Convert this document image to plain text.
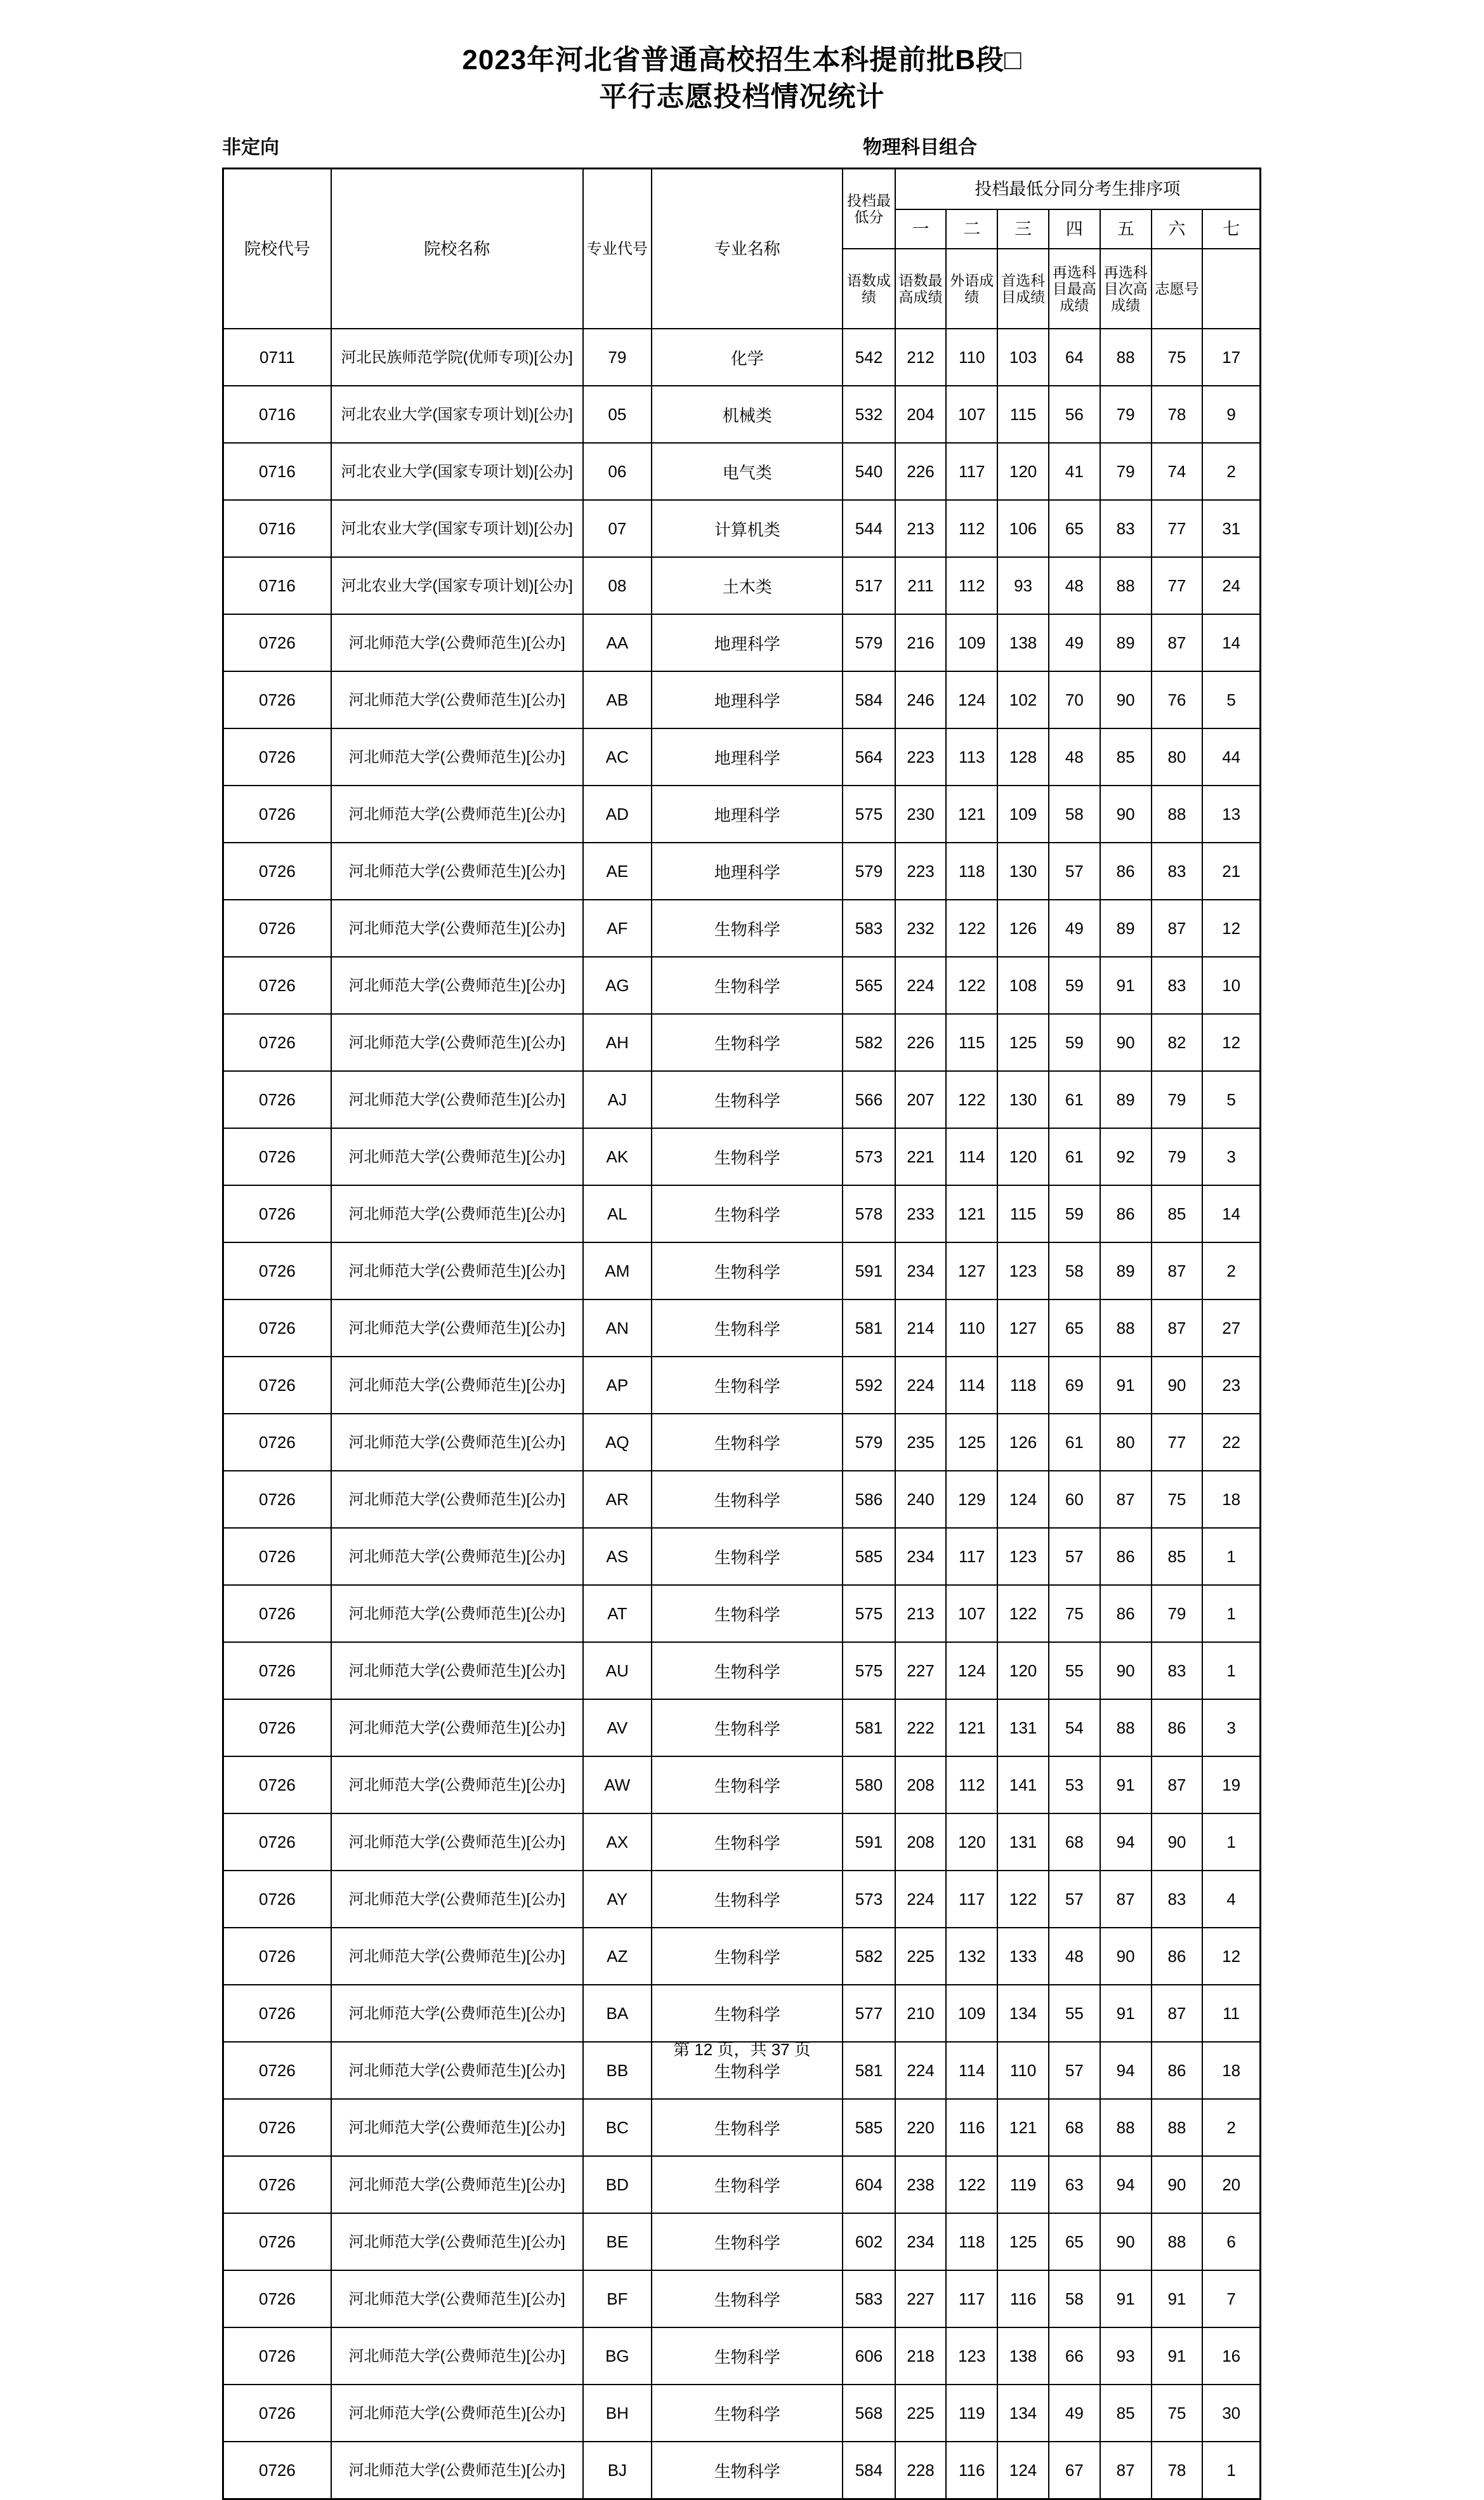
2023年河北省普通高校招生本科提前批B段□
平行志愿投档情况统计
非定向	物理科目组合
院校代号	院校名称	专业代号	专业名称	投档最低分	投档最低分同分考生排序项						
					一	二	三	四	五	六	七
				语数成绩	语数最高成绩	外语成绩	首选科目成绩	再选科目最高成绩	再选科目次高成绩	志愿号	
0711	河北民族师范学院(优师专项)[公办]	79	化学	542	212	110	103	64	88	75	17
0716	河北农业大学(国家专项计划)[公办]	05	机械类	532	204	107	115	56	79	78	9
0716	河北农业大学(国家专项计划)[公办]	06	电气类	540	226	117	120	41	79	74	2
0716	河北农业大学(国家专项计划)[公办]	07	计算机类	544	213	112	106	65	83	77	31
0716	河北农业大学(国家专项计划)[公办]	08	土木类	517	211	112	93	48	88	77	24
0726	河北师范大学(公费师范生)[公办]	AA	地理科学	579	216	109	138	49	89	87	14
0726	河北师范大学(公费师范生)[公办]	AB	地理科学	584	246	124	102	70	90	76	5
0726	河北师范大学(公费师范生)[公办]	AC	地理科学	564	223	113	128	48	85	80	44
0726	河北师范大学(公费师范生)[公办]	AD	地理科学	575	230	121	109	58	90	88	13
0726	河北师范大学(公费师范生)[公办]	AE	地理科学	579	223	118	130	57	86	83	21
0726	河北师范大学(公费师范生)[公办]	AF	生物科学	583	232	122	126	49	89	87	12
0726	河北师范大学(公费师范生)[公办]	AG	生物科学	565	224	122	108	59	91	83	10
0726	河北师范大学(公费师范生)[公办]	AH	生物科学	582	226	115	125	59	90	82	12
0726	河北师范大学(公费师范生)[公办]	AJ	生物科学	566	207	122	130	61	89	79	5
0726	河北师范大学(公费师范生)[公办]	AK	生物科学	573	221	114	120	61	92	79	3
0726	河北师范大学(公费师范生)[公办]	AL	生物科学	578	233	121	115	59	86	85	14
0726	河北师范大学(公费师范生)[公办]	AM	生物科学	591	234	127	123	58	89	87	2
0726	河北师范大学(公费师范生)[公办]	AN	生物科学	581	214	110	127	65	88	87	27
0726	河北师范大学(公费师范生)[公办]	AP	生物科学	592	224	114	118	69	91	90	23
0726	河北师范大学(公费师范生)[公办]	AQ	生物科学	579	235	125	126	61	80	77	22
0726	河北师范大学(公费师范生)[公办]	AR	生物科学	586	240	129	124	60	87	75	18
0726	河北师范大学(公费师范生)[公办]	AS	生物科学	585	234	117	123	57	86	85	1
0726	河北师范大学(公费师范生)[公办]	AT	生物科学	575	213	107	122	75	86	79	1
0726	河北师范大学(公费师范生)[公办]	AU	生物科学	575	227	124	120	55	90	83	1
0726	河北师范大学(公费师范生)[公办]	AV	生物科学	581	222	121	131	54	88	86	3
0726	河北师范大学(公费师范生)[公办]	AW	生物科学	580	208	112	141	53	91	87	19
0726	河北师范大学(公费师范生)[公办]	AX	生物科学	591	208	120	131	68	94	90	1
0726	河北师范大学(公费师范生)[公办]	AY	生物科学	573	224	117	122	57	87	83	4
0726	河北师范大学(公费师范生)[公办]	AZ	生物科学	582	225	132	133	48	90	86	12
0726	河北师范大学(公费师范生)[公办]	BA	生物科学	577	210	109	134	55	91	87	11
0726	河北师范大学(公费师范生)[公办]	BB	生物科学	581	224	114	110	57	94	86	18
0726	河北师范大学(公费师范生)[公办]	BC	生物科学	585	220	116	121	68	88	88	2
0726	河北师范大学(公费师范生)[公办]	BD	生物科学	604	238	122	119	63	94	90	20
0726	河北师范大学(公费师范生)[公办]	BE	生物科学	602	234	118	125	65	90	88	6
0726	河北师范大学(公费师范生)[公办]	BF	生物科学	583	227	117	116	58	91	91	7
0726	河北师范大学(公费师范生)[公办]	BG	生物科学	606	218	123	138	66	93	91	16
0726	河北师范大学(公费师范生)[公办]	BH	生物科学	568	225	119	134	49	85	75	30
0726	河北师范大学(公费师范生)[公办]	BJ	生物科学	584	228	116	124	67	87	78	1
第 12 页，共 37 页
